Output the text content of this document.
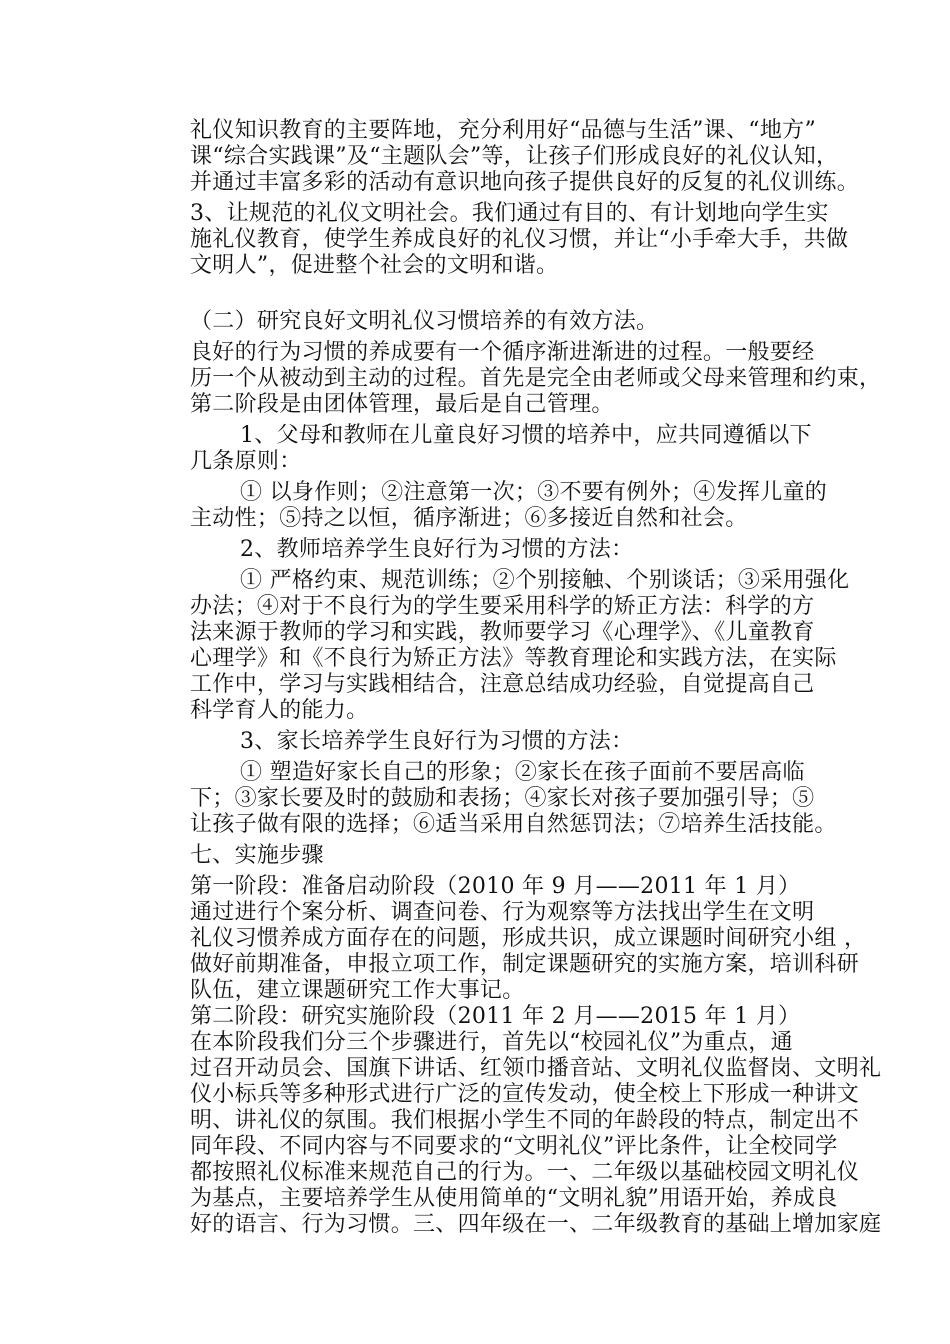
礼仪知识教育的主要阵地，充分利用好“品德与生活”课、“地方”

课“综合实践课”及“主题队会”等，让孩子们形成良好的礼仪认知，

并通过丰富多彩的活动有意识地向孩子提供良好的反复的礼仪训练。

3、让规范的礼仪文明社会。我们通过有目的、有计划地向学生实

施礼仪教育，使学生养成良好的礼仪习惯，并让“小手牵大手，共做

文明人”，促进整个社会的文明和谐。

（二）研究良好文明礼仪习惯培养的有效方法。

良好的行为习惯的养成要有一个循序渐进渐进的过程。一般要经

历一个从被动到主动的过程。首先是完全由老师或父母来管理和约束，

第二阶段是由团体管理，最后是自己管理。

1、父母和教师在儿童良好习惯的培养中，应共同遵循以下

几条原则：

① 以身作则；②注意第一次；③不要有例外；④发挥儿童的

主动性；⑤持之以恒，循序渐进；⑥多接近自然和社会。

2、教师培养学生良好行为习惯的方法：

① 严格约束、规范训练；②个别接触、个别谈话；③采用强化

办法；④对于不良行为的学生要采用科学的矫正方法：科学的方

法来源于教师的学习和实践，教师要学习《心理学》、《儿童教育

心理学》和《不良行为矫正方法》等教育理论和实践方法，在实际

工作中，学习与实践相结合，注意总结成功经验，自觉提高自己

科学育人的能力。

3、家长培养学生良好行为习惯的方法：

① 塑造好家长自己的形象；②家长在孩子面前不要居高临

下；③家长要及时的鼓励和表扬；④家长对孩子要加强引导；⑤

让孩子做有限的选择；⑥适当采用自然惩罚法；⑦培养生活技能。

七、实施步骤

第一阶段：准备启动阶段（2010 年 9 月——2011 年 1 月）

通过进行个案分析、调查问卷、行为观察等方法找出学生在文明

礼仪习惯养成方面存在的问题，形成共识，成立课题时间研究小组 ，

做好前期准备，申报立项工作，制定课题研究的实施方案，培训科研

队伍，建立课题研究工作大事记。

第二阶段：研究实施阶段（2011 年 2 月——2015 年 1 月）

在本阶段我们分三个步骤进行，首先以“校园礼仪”为重点，通

过召开动员会、国旗下讲话、红领巾播音站、文明礼仪监督岗、文明礼

仪小标兵等多种形式进行广泛的宣传发动，使全校上下形成一种讲文

明、讲礼仪的氛围。我们根据小学生不同的年龄段的特点，制定出不

同年段、不同内容与不同要求的“文明礼仪”评比条件，让全校同学

都按照礼仪标准来规范自己的行为。一、二年级以基础校园文明礼仪

为基点，主要培养学生从使用简单的“文明礼貌”用语开始，养成良

好的语言、行为习惯。三、四年级在一、二年级教育的基础上增加家庭
